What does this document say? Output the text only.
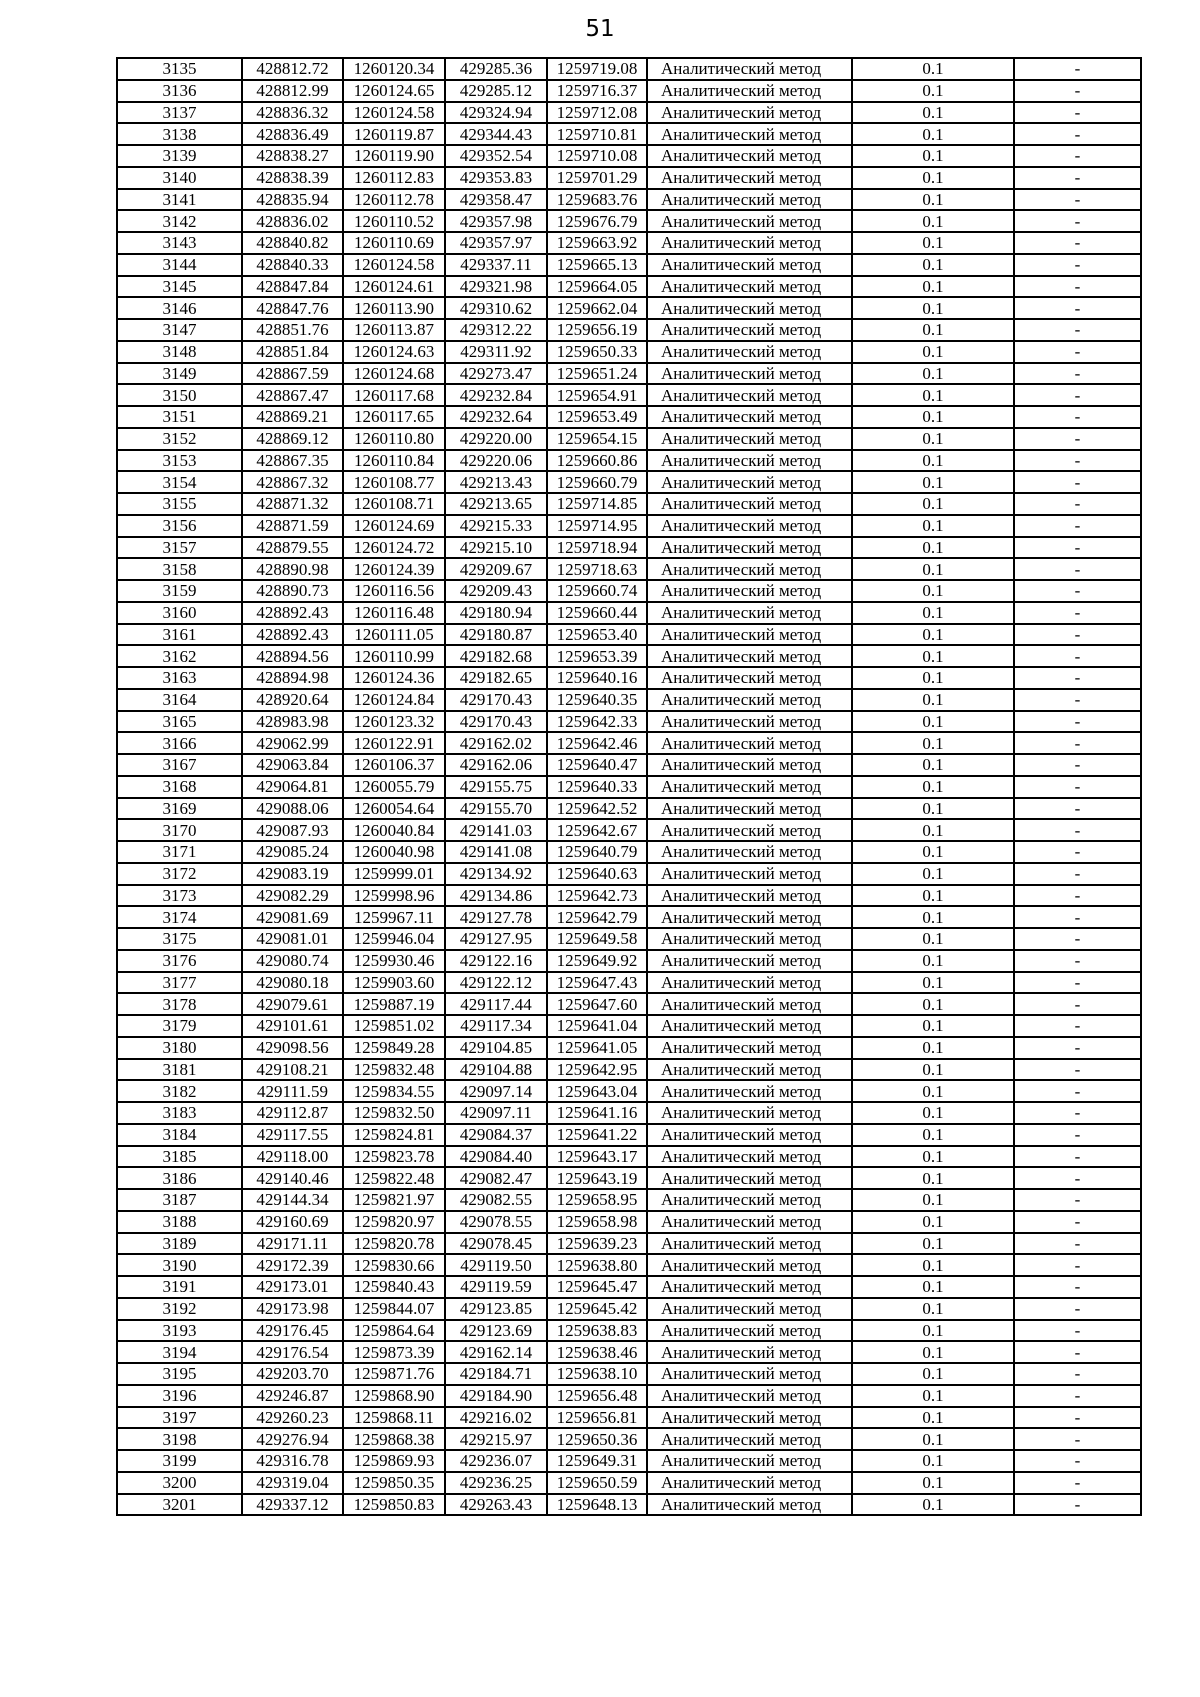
51
3135	428812.72	1260120.34	429285.36	1259719.08	Аналитический метод	0.1	-
3136	428812.99	1260124.65	429285.12	1259716.37	Аналитический метод	0.1	-
3137	428836.32	1260124.58	429324.94	1259712.08	Аналитический метод	0.1	-
3138	428836.49	1260119.87	429344.43	1259710.81	Аналитический метод	0.1	-
3139	428838.27	1260119.90	429352.54	1259710.08	Аналитический метод	0.1	-
3140	428838.39	1260112.83	429353.83	1259701.29	Аналитический метод	0.1	-
3141	428835.94	1260112.78	429358.47	1259683.76	Аналитический метод	0.1	-
3142	428836.02	1260110.52	429357.98	1259676.79	Аналитический метод	0.1	-
3143	428840.82	1260110.69	429357.97	1259663.92	Аналитический метод	0.1	-
3144	428840.33	1260124.58	429337.11	1259665.13	Аналитический метод	0.1	-
3145	428847.84	1260124.61	429321.98	1259664.05	Аналитический метод	0.1	-
3146	428847.76	1260113.90	429310.62	1259662.04	Аналитический метод	0.1	-
3147	428851.76	1260113.87	429312.22	1259656.19	Аналитический метод	0.1	-
3148	428851.84	1260124.63	429311.92	1259650.33	Аналитический метод	0.1	-
3149	428867.59	1260124.68	429273.47	1259651.24	Аналитический метод	0.1	-
3150	428867.47	1260117.68	429232.84	1259654.91	Аналитический метод	0.1	-
3151	428869.21	1260117.65	429232.64	1259653.49	Аналитический метод	0.1	-
3152	428869.12	1260110.80	429220.00	1259654.15	Аналитический метод	0.1	-
3153	428867.35	1260110.84	429220.06	1259660.86	Аналитический метод	0.1	-
3154	428867.32	1260108.77	429213.43	1259660.79	Аналитический метод	0.1	-
3155	428871.32	1260108.71	429213.65	1259714.85	Аналитический метод	0.1	-
3156	428871.59	1260124.69	429215.33	1259714.95	Аналитический метод	0.1	-
3157	428879.55	1260124.72	429215.10	1259718.94	Аналитический метод	0.1	-
3158	428890.98	1260124.39	429209.67	1259718.63	Аналитический метод	0.1	-
3159	428890.73	1260116.56	429209.43	1259660.74	Аналитический метод	0.1	-
3160	428892.43	1260116.48	429180.94	1259660.44	Аналитический метод	0.1	-
3161	428892.43	1260111.05	429180.87	1259653.40	Аналитический метод	0.1	-
3162	428894.56	1260110.99	429182.68	1259653.39	Аналитический метод	0.1	-
3163	428894.98	1260124.36	429182.65	1259640.16	Аналитический метод	0.1	-
3164	428920.64	1260124.84	429170.43	1259640.35	Аналитический метод	0.1	-
3165	428983.98	1260123.32	429170.43	1259642.33	Аналитический метод	0.1	-
3166	429062.99	1260122.91	429162.02	1259642.46	Аналитический метод	0.1	-
3167	429063.84	1260106.37	429162.06	1259640.47	Аналитический метод	0.1	-
3168	429064.81	1260055.79	429155.75	1259640.33	Аналитический метод	0.1	-
3169	429088.06	1260054.64	429155.70	1259642.52	Аналитический метод	0.1	-
3170	429087.93	1260040.84	429141.03	1259642.67	Аналитический метод	0.1	-
3171	429085.24	1260040.98	429141.08	1259640.79	Аналитический метод	0.1	-
3172	429083.19	1259999.01	429134.92	1259640.63	Аналитический метод	0.1	-
3173	429082.29	1259998.96	429134.86	1259642.73	Аналитический метод	0.1	-
3174	429081.69	1259967.11	429127.78	1259642.79	Аналитический метод	0.1	-
3175	429081.01	1259946.04	429127.95	1259649.58	Аналитический метод	0.1	-
3176	429080.74	1259930.46	429122.16	1259649.92	Аналитический метод	0.1	-
3177	429080.18	1259903.60	429122.12	1259647.43	Аналитический метод	0.1	-
3178	429079.61	1259887.19	429117.44	1259647.60	Аналитический метод	0.1	-
3179	429101.61	1259851.02	429117.34	1259641.04	Аналитический метод	0.1	-
3180	429098.56	1259849.28	429104.85	1259641.05	Аналитический метод	0.1	-
3181	429108.21	1259832.48	429104.88	1259642.95	Аналитический метод	0.1	-
3182	429111.59	1259834.55	429097.14	1259643.04	Аналитический метод	0.1	-
3183	429112.87	1259832.50	429097.11	1259641.16	Аналитический метод	0.1	-
3184	429117.55	1259824.81	429084.37	1259641.22	Аналитический метод	0.1	-
3185	429118.00	1259823.78	429084.40	1259643.17	Аналитический метод	0.1	-
3186	429140.46	1259822.48	429082.47	1259643.19	Аналитический метод	0.1	-
3187	429144.34	1259821.97	429082.55	1259658.95	Аналитический метод	0.1	-
3188	429160.69	1259820.97	429078.55	1259658.98	Аналитический метод	0.1	-
3189	429171.11	1259820.78	429078.45	1259639.23	Аналитический метод	0.1	-
3190	429172.39	1259830.66	429119.50	1259638.80	Аналитический метод	0.1	-
3191	429173.01	1259840.43	429119.59	1259645.47	Аналитический метод	0.1	-
3192	429173.98	1259844.07	429123.85	1259645.42	Аналитический метод	0.1	-
3193	429176.45	1259864.64	429123.69	1259638.83	Аналитический метод	0.1	-
3194	429176.54	1259873.39	429162.14	1259638.46	Аналитический метод	0.1	-
3195	429203.70	1259871.76	429184.71	1259638.10	Аналитический метод	0.1	-
3196	429246.87	1259868.90	429184.90	1259656.48	Аналитический метод	0.1	-
3197	429260.23	1259868.11	429216.02	1259656.81	Аналитический метод	0.1	-
3198	429276.94	1259868.38	429215.97	1259650.36	Аналитический метод	0.1	-
3199	429316.78	1259869.93	429236.07	1259649.31	Аналитический метод	0.1	-
3200	429319.04	1259850.35	429236.25	1259650.59	Аналитический метод	0.1	-
3201	429337.12	1259850.83	429263.43	1259648.13	Аналитический метод	0.1	-
